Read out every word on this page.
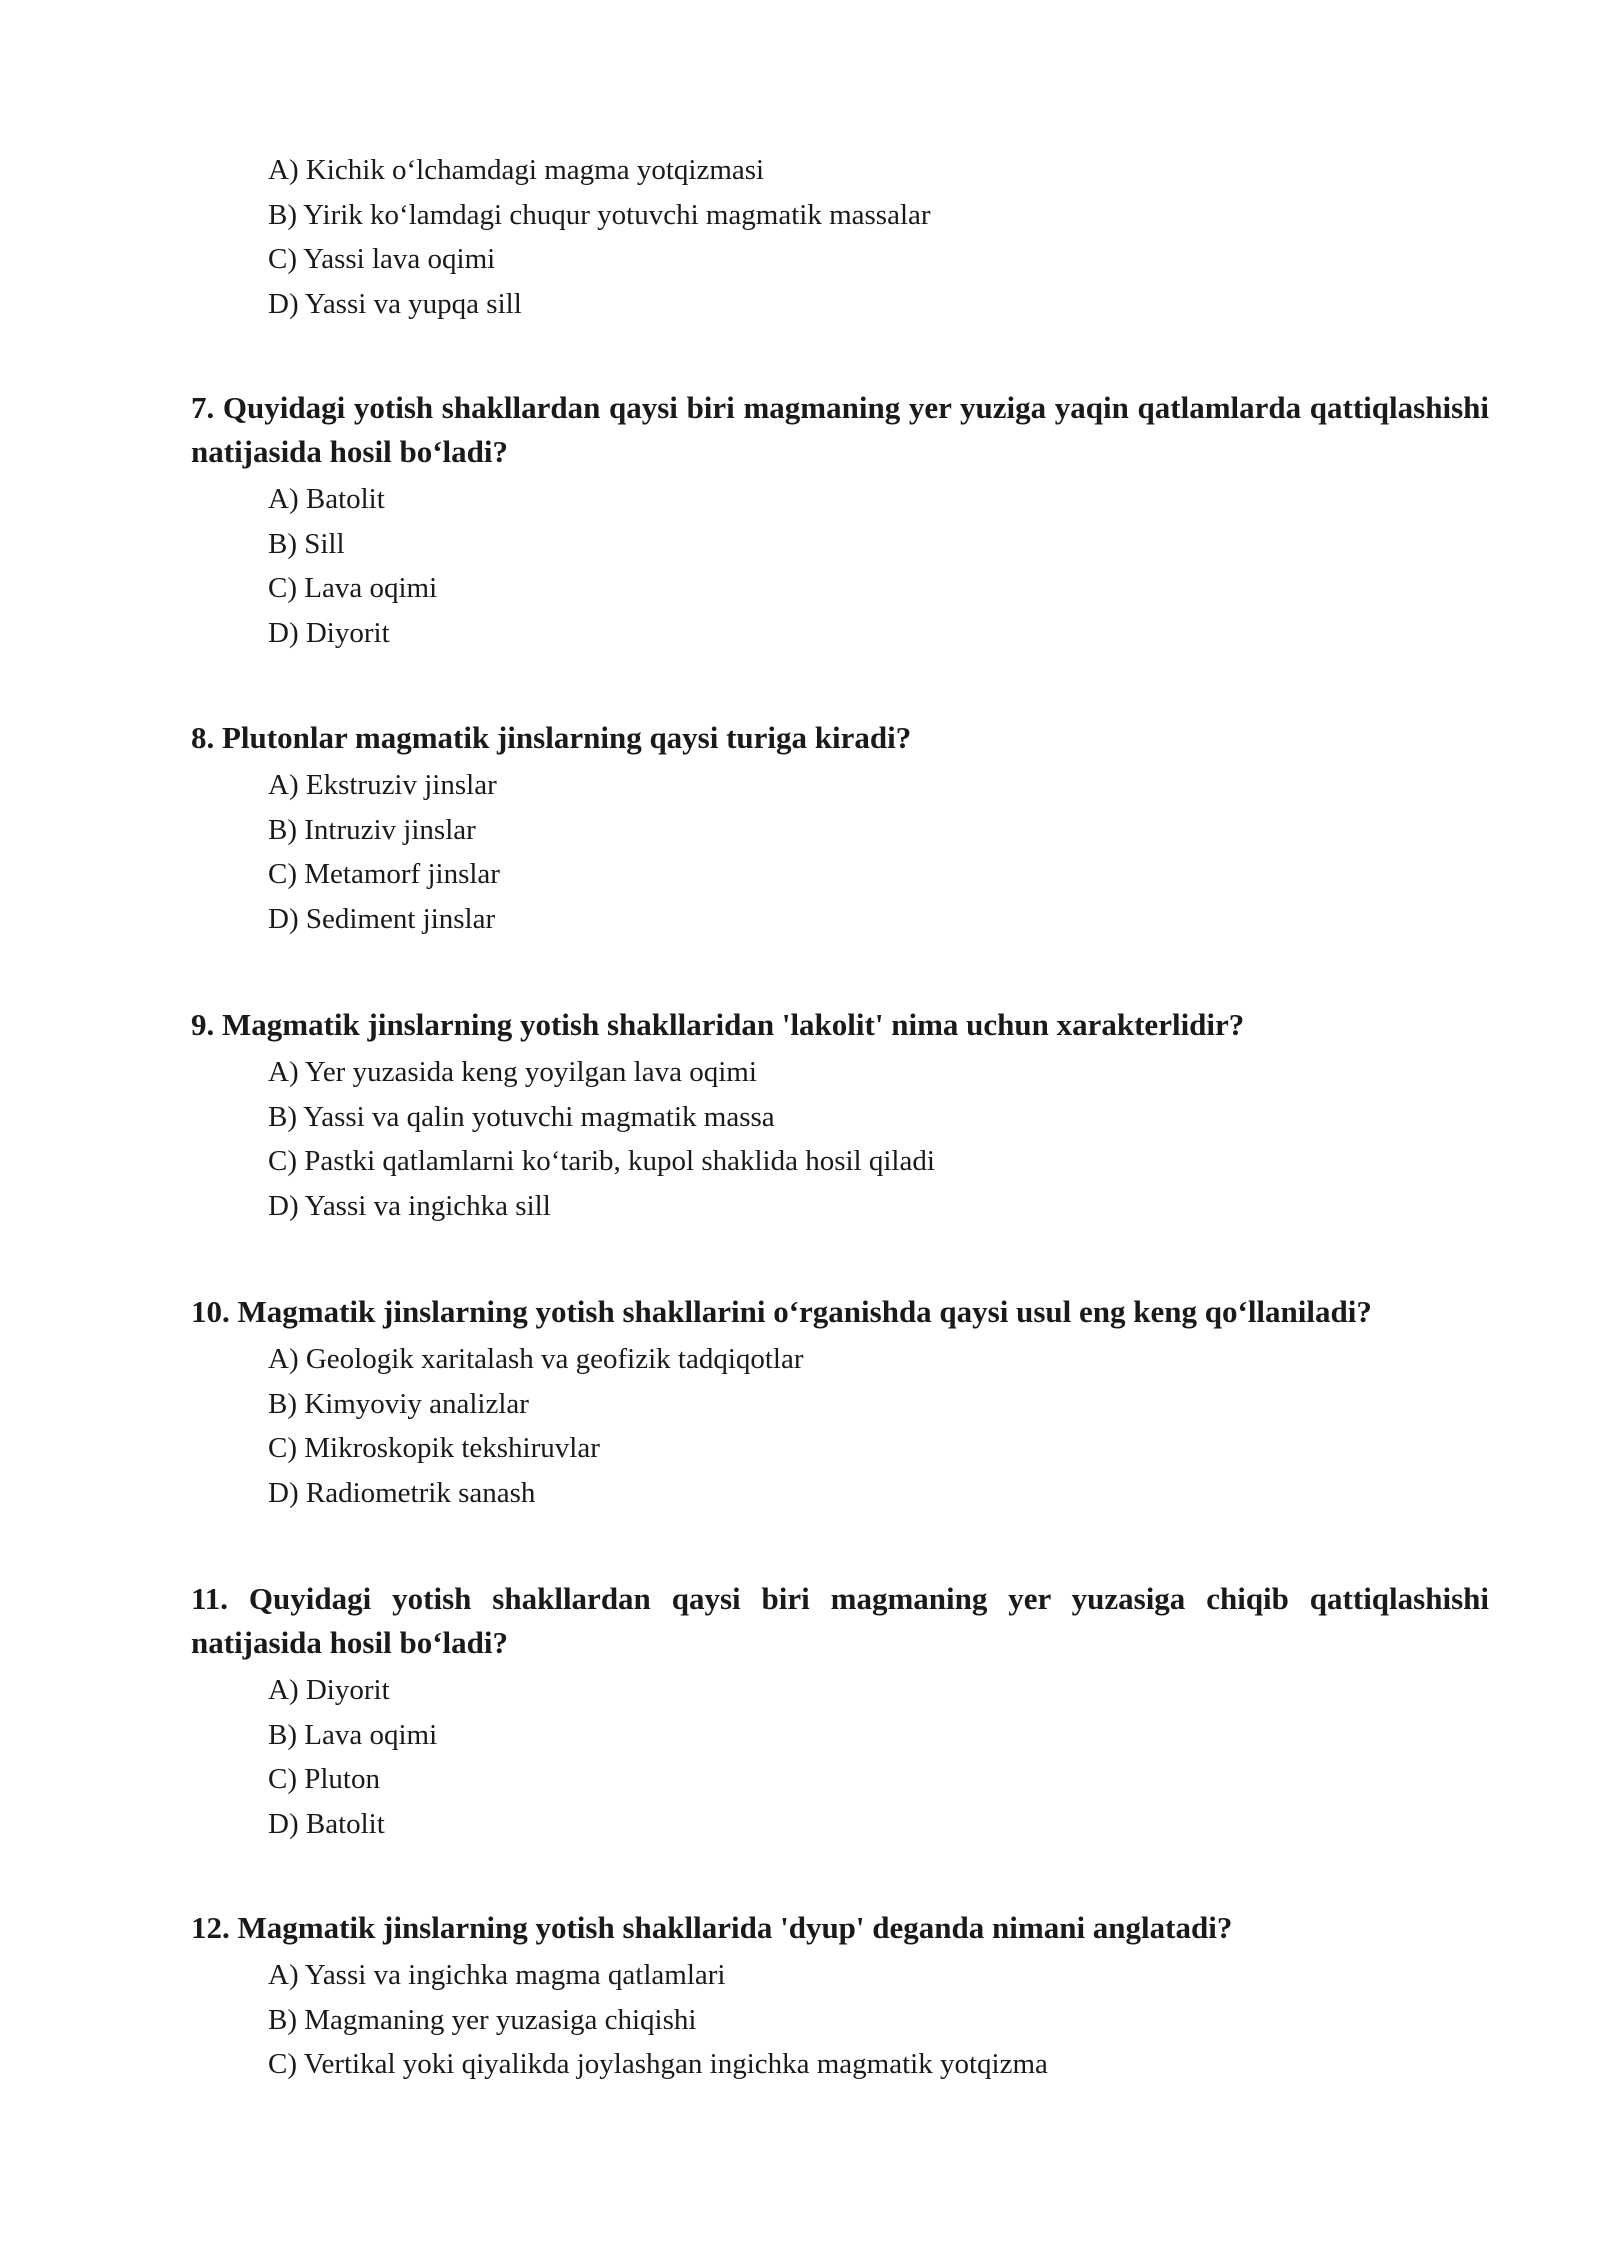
A) Kichik o‘lchamdagi magma yotqizmasi
B) Yirik ko‘lamdagi chuqur yotuvchi magmatik massalar
C) Yassi lava oqimi
D) Yassi va yupqa sill

7. Quyidagi yotish shakllardan qaysi biri magmaning yer yuziga yaqin qatlamlarda qattiqlashishi natijasida hosil bo‘ladi?

A) Batolit
B) Sill
C) Lava oqimi
D) Diyorit

8. Plutonlar magmatik jinslarning qaysi turiga kiradi?

A) Ekstruziv jinslar
B) Intruziv jinslar
C) Metamorf jinslar
D) Sediment jinslar

9. Magmatik jinslarning yotish shakllaridan 'lakolit' nima uchun xarakterlidir?

A) Yer yuzasida keng yoyilgan lava oqimi
B) Yassi va qalin yotuvchi magmatik massa
C) Pastki qatlamlarni ko‘tarib, kupol shaklida hosil qiladi
D) Yassi va ingichka sill

10. Magmatik jinslarning yotish shakllarini o‘rganishda qaysi usul eng keng qo‘llaniladi?

A) Geologik xaritalash va geofizik tadqiqotlar
B) Kimyoviy analizlar
C) Mikroskopik tekshiruvlar
D) Radiometrik sanash

11. Quyidagi yotish shakllardan qaysi biri magmaning yer yuzasiga chiqib qattiqlashishi natijasida hosil bo‘ladi?

A) Diyorit
B) Lava oqimi
C) Pluton
D) Batolit

12. Magmatik jinslarning yotish shakllarida 'dyup' deganda nimani anglatadi?

A) Yassi va ingichka magma qatlamlari
B) Magmaning yer yuzasiga chiqishi
C) Vertikal yoki qiyalikda joylashgan ingichka magmatik yotqizma
